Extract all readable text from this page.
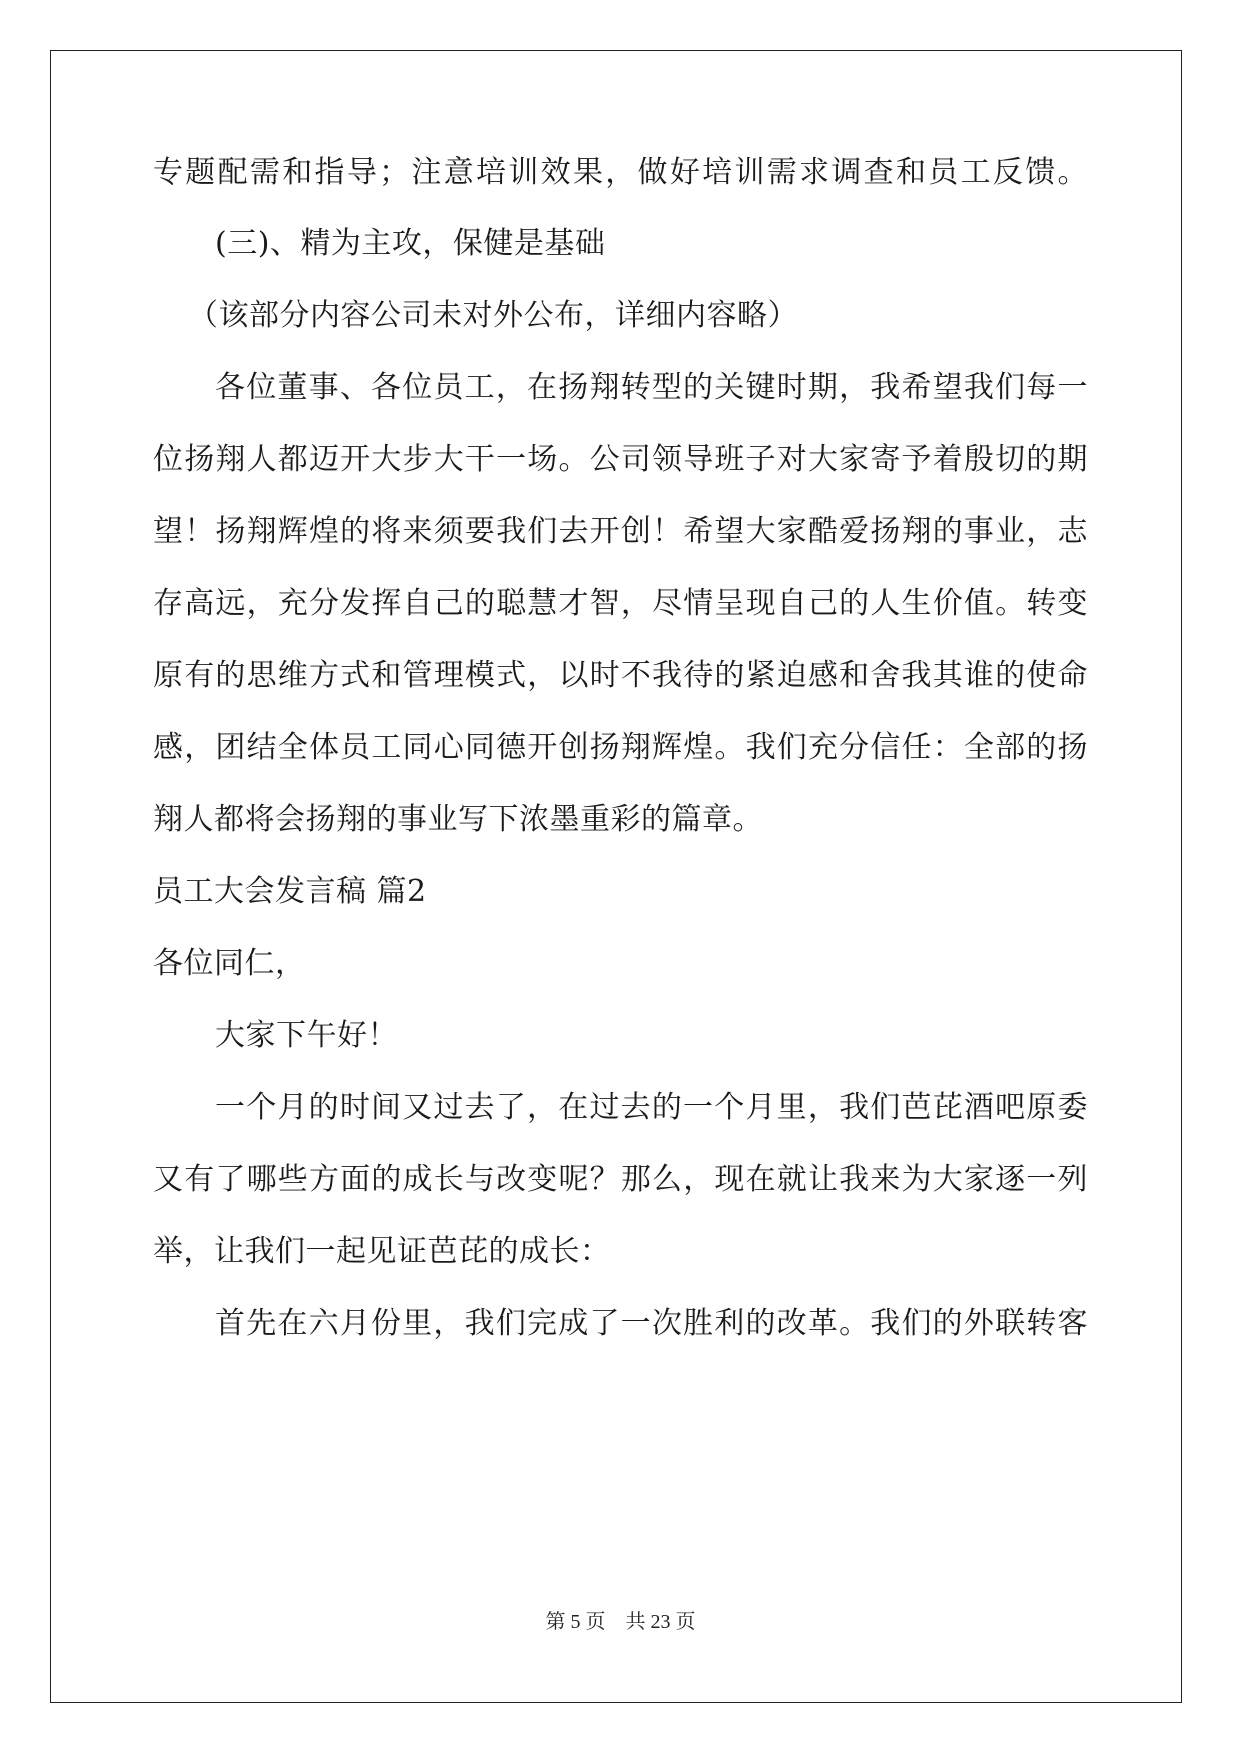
专题配需和指导；注意培训效果，做好培训需求调查和员工反馈。
(三)、精为主攻，保健是基础
（该部分内容公司未对外公布，详细内容略）
各位董事、各位员工，在扬翔转型的关键时期，我希望我们每一
位扬翔人都迈开大步大干一场。公司领导班子对大家寄予着殷切的期
望！扬翔辉煌的将来须要我们去开创！希望大家酷爱扬翔的事业，志
存高远，充分发挥自己的聪慧才智，尽情呈现自己的人生价值。转变
原有的思维方式和管理模式，以时不我待的紧迫感和舍我其谁的使命
感，团结全体员工同心同德开创扬翔辉煌。我们充分信任：全部的扬
翔人都将会扬翔的事业写下浓墨重彩的篇章。
员工大会发言稿 篇2
各位同仁，
大家下午好！
一个月的时间又过去了，在过去的一个月里，我们芭芘酒吧原委
又有了哪些方面的成长与改变呢？那么，现在就让我来为大家逐一列
举，让我们一起见证芭芘的成长：
首先在六月份里，我们完成了一次胜利的改革。我们的外联转客
第 5 页    共 23 页
